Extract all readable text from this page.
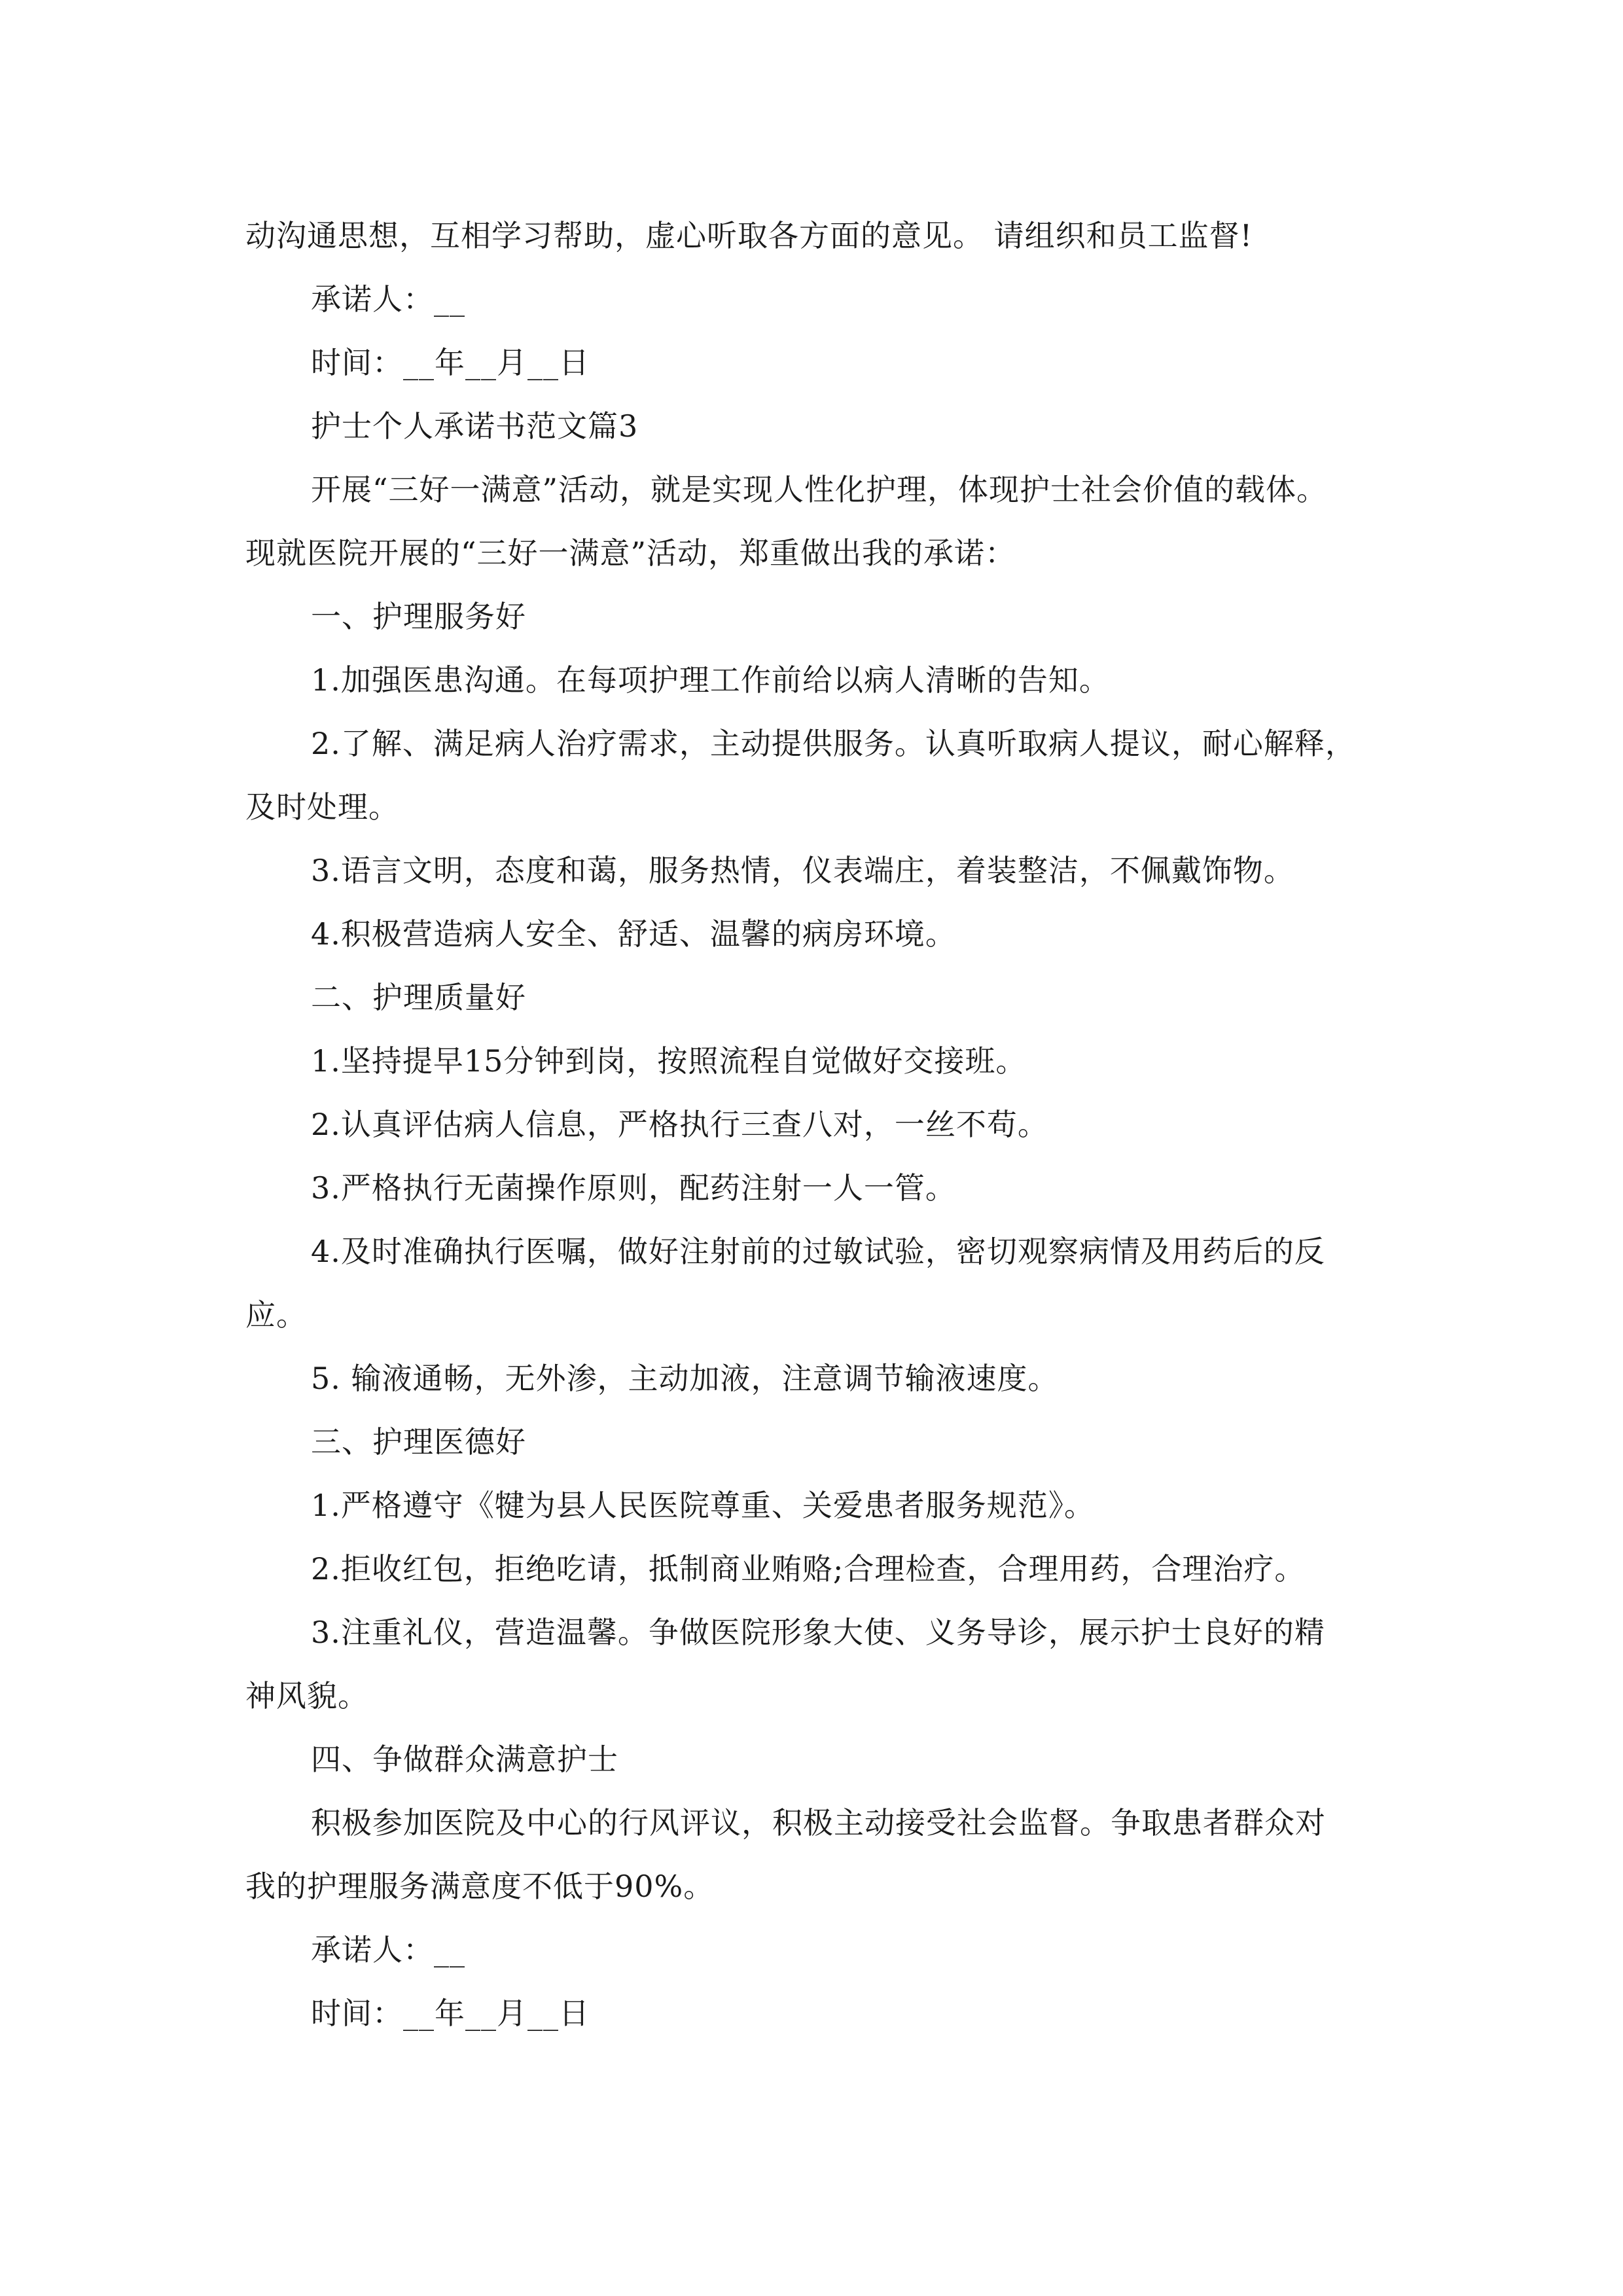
动沟通思想，互相学习帮助，虚心听取各方面的意见。 请组织和员工监督!
承诺人：__
时间：__年__月__日
护士个人承诺书范文篇3
开展“三好一满意”活动，就是实现人性化护理，体现护士社会价值的载体。
现就医院开展的“三好一满意”活动，郑重做出我的承诺：
一、护理服务好
1.加强医患沟通。在每项护理工作前给以病人清晰的告知。
2.了解、满足病人治疗需求，主动提供服务。认真听取病人提议，耐心解释，
及时处理。
3.语言文明，态度和蔼，服务热情，仪表端庄，着装整洁，不佩戴饰物。
4.积极营造病人安全、舒适、温馨的病房环境。
二、护理质量好
1.坚持提早15分钟到岗，按照流程自觉做好交接班。
2.认真评估病人信息，严格执行三查八对，一丝不苟。
3.严格执行无菌操作原则，配药注射一人一管。
4.及时准确执行医嘱，做好注射前的过敏试验，密切观察病情及用药后的反
应。
5. 输液通畅，无外渗，主动加液，注意调节输液速度。
三、护理医德好
1.严格遵守《犍为县人民医院尊重、关爱患者服务规范》。
2.拒收红包，拒绝吃请，抵制商业贿赂;合理检查，合理用药，合理治疗。
3.注重礼仪，营造温馨。争做医院形象大使、义务导诊，展示护士良好的精
神风貌。
四、争做群众满意护士
积极参加医院及中心的行风评议，积极主动接受社会监督。争取患者群众对
我的护理服务满意度不低于90%。
承诺人：__
时间：__年__月__日
